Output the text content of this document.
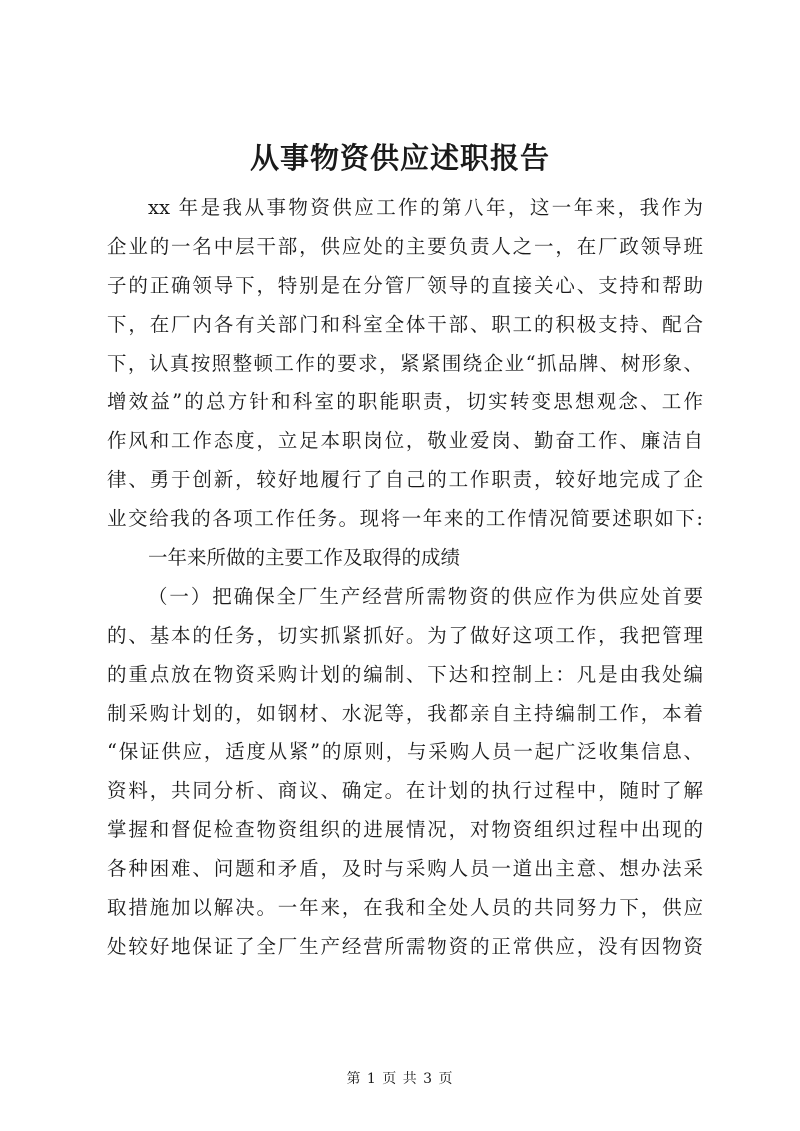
从事物资供应述职报告
xx 年是我从事物资供应工作的第八年，这一年来，我作为
企业的一名中层干部，供应处的主要负责人之一，在厂政领导班
子的正确领导下，特别是在分管厂领导的直接关心、支持和帮助
下，在厂内各有关部门和科室全体干部、职工的积极支持、配合
下，认真按照整顿工作的要求，紧紧围绕企业“抓品牌、树形象、
增效益”的总方针和科室的职能职责，切实转变思想观念、工作
作风和工作态度，立足本职岗位，敬业爱岗、勤奋工作、廉洁自
律、勇于创新，较好地履行了自己的工作职责，较好地完成了企
业交给我的各项工作任务。现将一年来的工作情况简要述职如下:
一年来所做的主要工作及取得的成绩
（一）把确保全厂生产经营所需物资的供应作为供应处首要
的、基本的任务，切实抓紧抓好。为了做好这项工作，我把管理
的重点放在物资采购计划的编制、下达和控制上：凡是由我处编
制采购计划的，如钢材、水泥等，我都亲自主持编制工作，本着
“保证供应，适度从紧”的原则，与采购人员一起广泛收集信息、
资料，共同分析、商议、确定。在计划的执行过程中，随时了解
掌握和督促检查物资组织的进展情况，对物资组织过程中出现的
各种困难、问题和矛盾，及时与采购人员一道出主意、想办法采
取措施加以解决。一年来，在我和全处人员的共同努力下，供应
处较好地保证了全厂生产经营所需物资的正常供应，没有因物资
第 1 页 共 3 页
